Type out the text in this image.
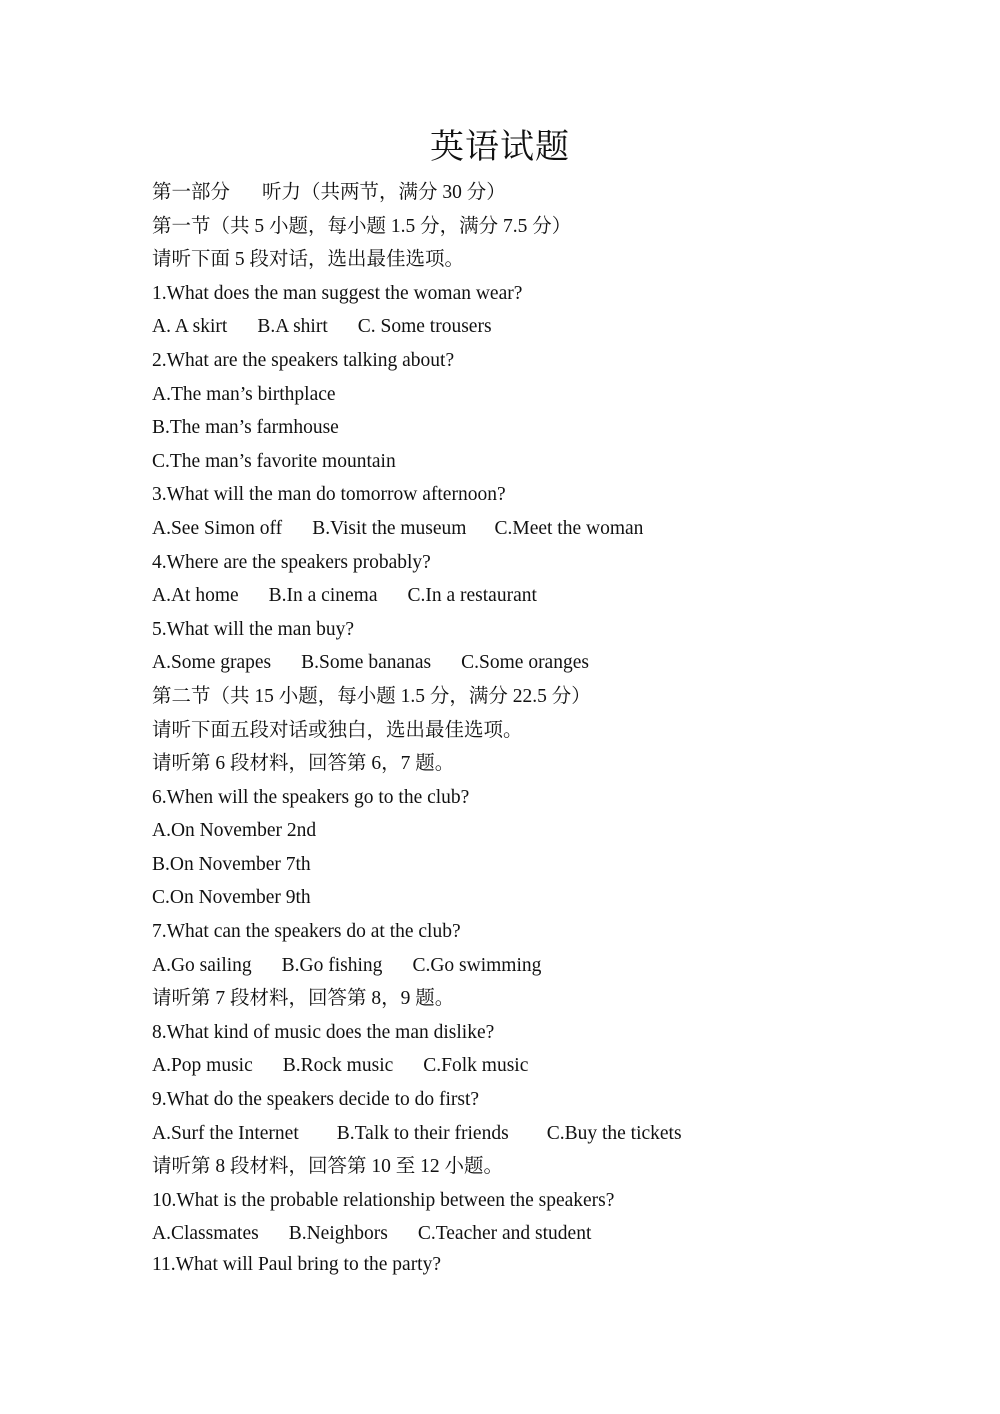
英语试题
第一部分 听力（共两节，满分 30 分）
第一节（共 5 小题，每小题 1.5 分，满分 7.5 分）
请听下面 5 段对话，选出最佳选项。
1.What does the man suggest the woman wear?
A. A skirt B.A shirt C. Some trousers
2.What are the speakers talking about?
A.The man’s birthplace
B.The man’s farmhouse
C.The man’s favorite mountain
3.What will the man do tomorrow afternoon?
A.See Simon off B.Visit the museum C.Meet the woman
4.Where are the speakers probably?
A.At home B.In a cinema C.In a restaurant
5.What will the man buy?
A.Some grapes B.Some bananas C.Some oranges
第二节（共 15 小题，每小题 1.5 分，满分 22.5 分）
请听下面五段对话或独白，选出最佳选项。
请听第 6 段材料，回答第 6，7 题。
6.When will the speakers go to the club?
A.On November 2nd
B.On November 7th
C.On November 9th
7.What can the speakers do at the club?
A.Go sailing B.Go fishing C.Go swimming
请听第 7 段材料，回答第 8，9 题。
8.What kind of music does the man dislike?
A.Pop music B.Rock music C.Folk music
9.What do the speakers decide to do first?
A.Surf the Internet B.Talk to their friends C.Buy the tickets
请听第 8 段材料，回答第 10 至 12 小题。
10.What is the probable relationship between the speakers?
A.Classmates B.Neighbors C.Teacher and student
11.What will Paul bring to the party?
